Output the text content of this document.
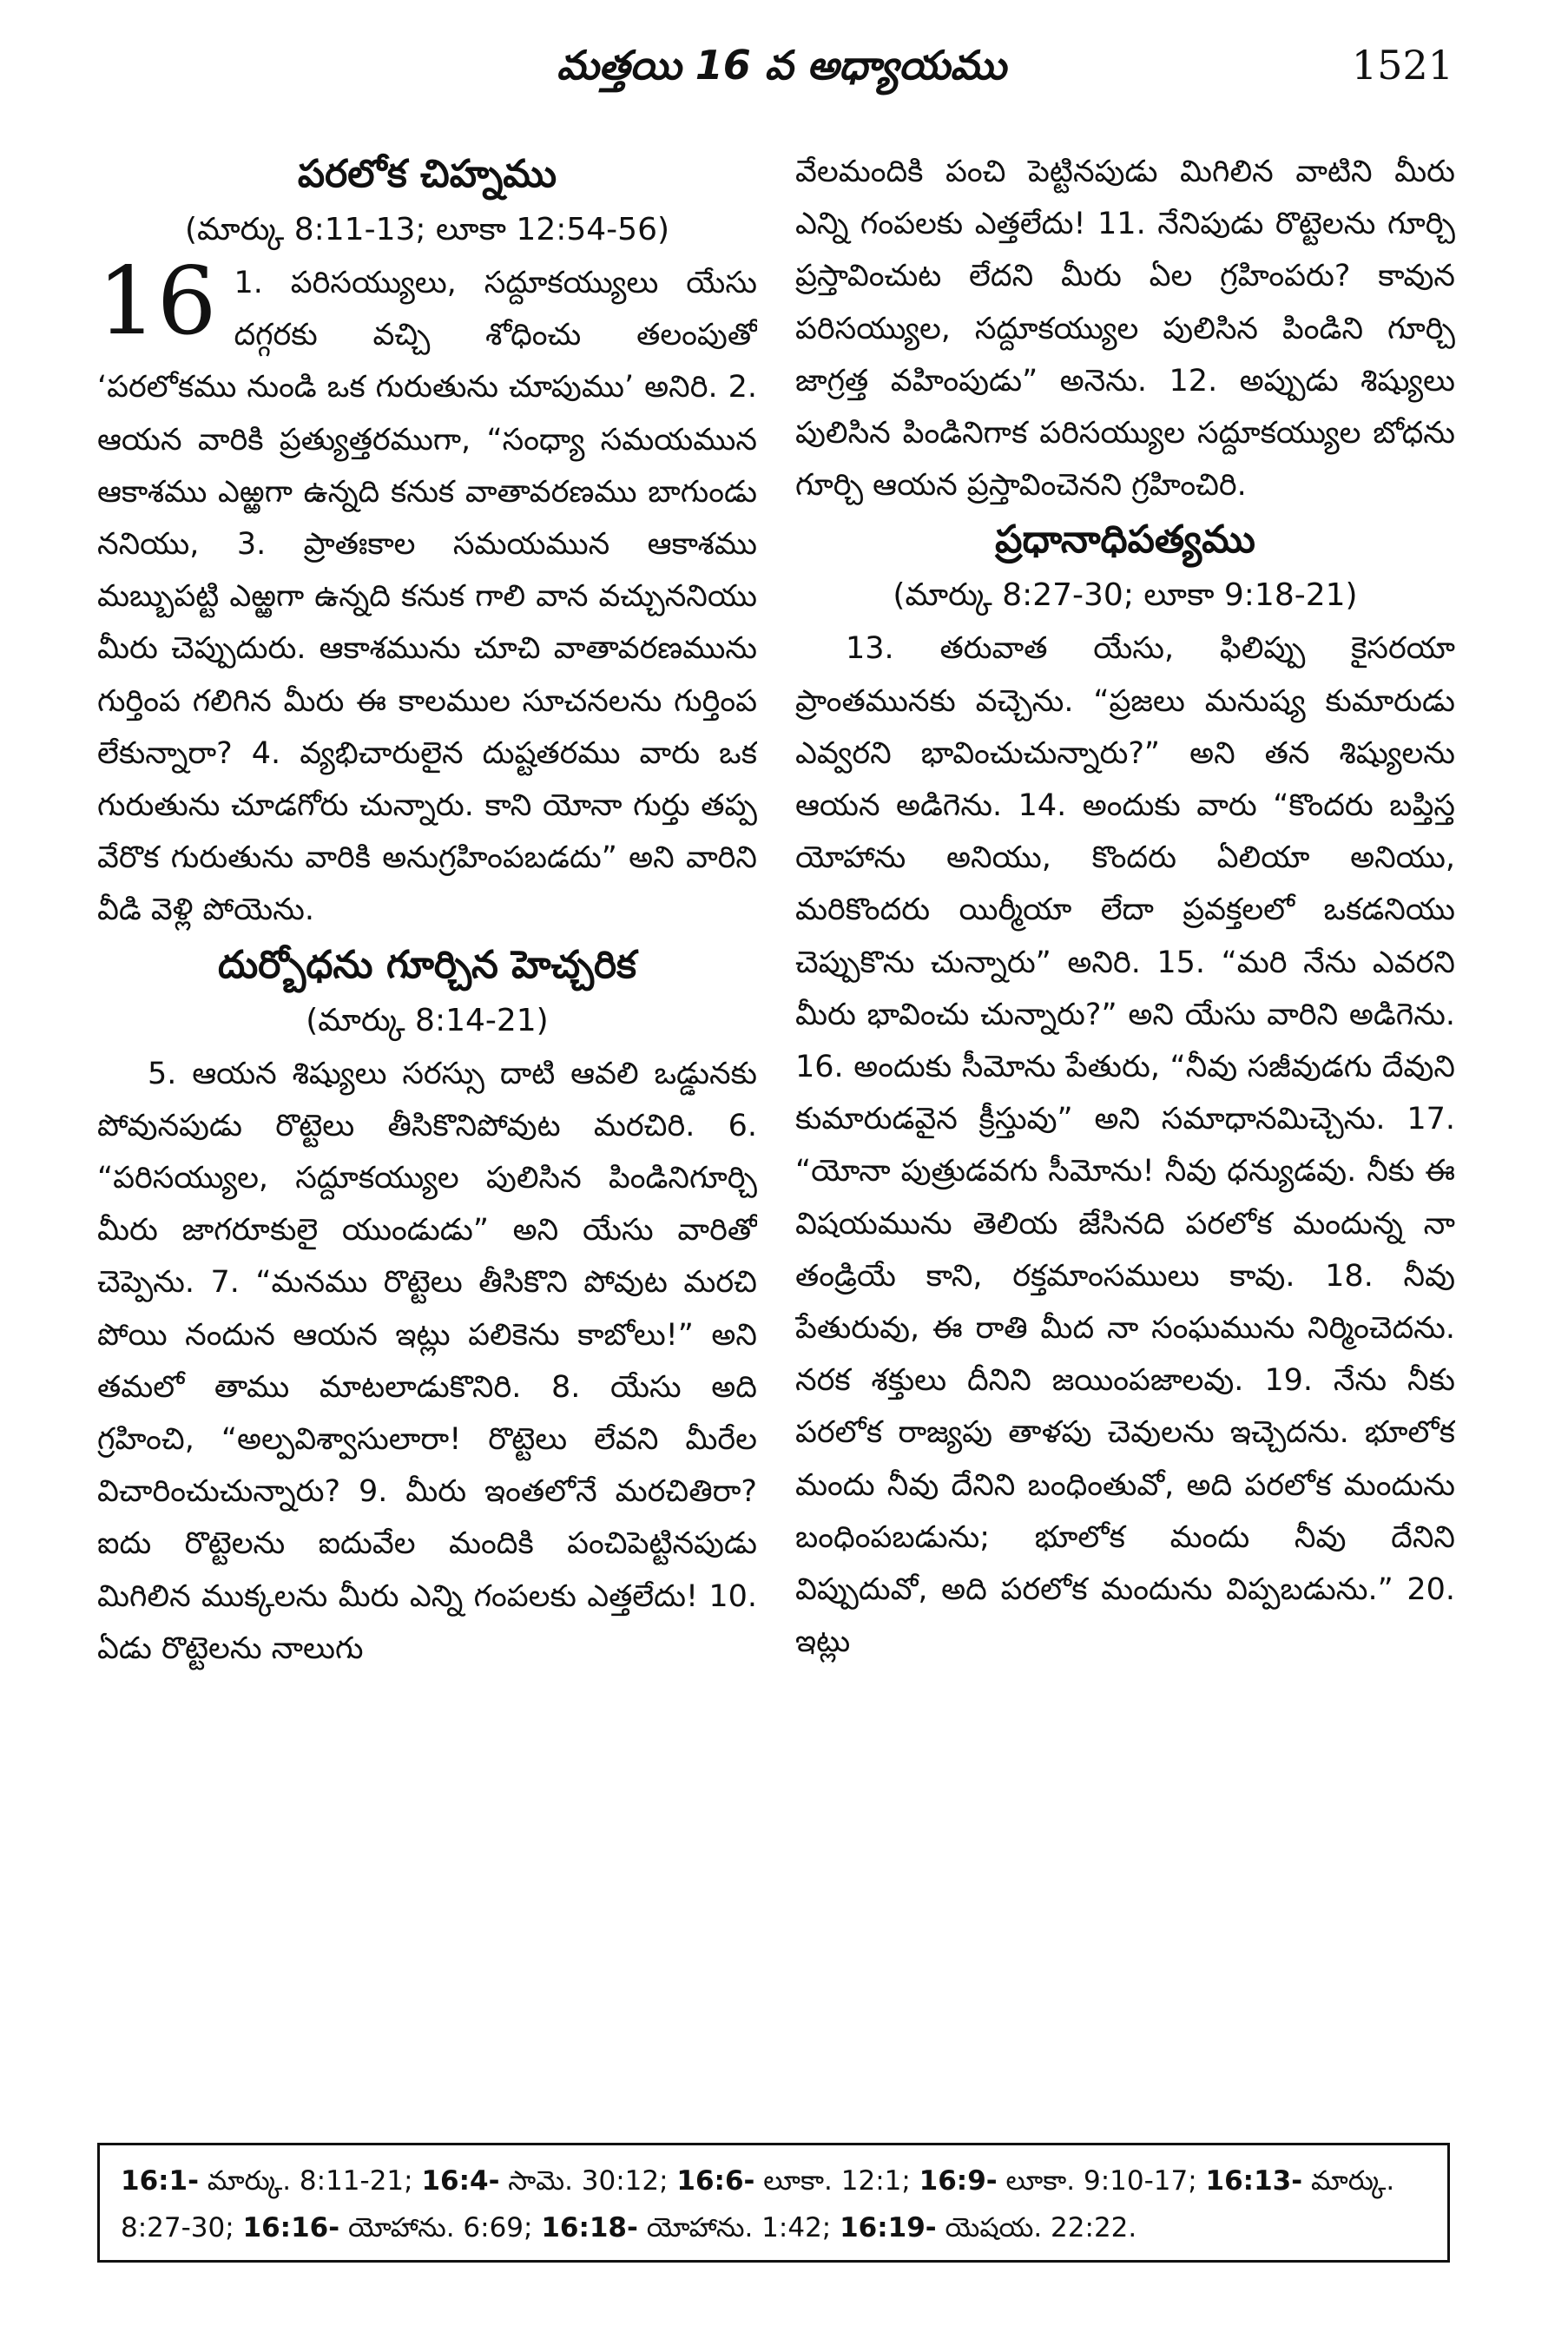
మత్తయి 16 వ అధ్యాయము	1521
పరలోక చిహ్నము
(మార్కు 8:11-13; లూకా 12:54-56)

16 1. పరిసయ్యులు, సద్దూకయ్యులు యేసు దగ్గరకు వచ్చి శోధించు తలంపుతో ‘పరలోకము నుండి ఒక గురుతును చూపుము’ అనిరి. 2. ఆయన వారికి ప్రత్యుత్తరముగా, “సంధ్యా సమయమున ఆకాశము ఎఱ్ఱగా ఉన్నది కనుక వాతావరణము బాగుండు ననియు, 3. ప్రాతఃకాల సమయమున ఆకాశము మబ్బుపట్టి ఎఱ్ఱగా ఉన్నది కనుక గాలి వాన వచ్చుననియు మీరు చెప్పుదురు. ఆకాశమును చూచి వాతావరణమును గుర్తింప గలిగిన మీరు ఈ కాలముల సూచనలను గుర్తింప లేకున్నారా? 4. వ్యభిచారులైన దుష్టతరము వారు ఒక గురుతును చూడగోరు చున్నారు. కాని యోనా గుర్తు తప్ప వేరొక గురుతును వారికి అనుగ్రహింపబడదు” అని వారిని వీడి వెళ్లి పోయెను.

దుర్బోధను గూర్చిన హెచ్చరిక
(మార్కు 8:14-21)

5. ఆయన శిష్యులు సరస్సు దాటి ఆవలి ఒడ్డునకు పోవునపుడు రొట్టెలు తీసికొనిపోవుట మరచిరి. 6. “పరిసయ్యుల, సద్దూకయ్యుల పులిసిన పిండినిగూర్చి మీరు జాగరూకులై యుండుడు” అని యేసు వారితో చెప్పెను. 7. “మనము రొట్టెలు తీసికొని పోవుట మరచి పోయి నందున ఆయన ఇట్లు పలికెను కాబోలు!” అని తమలో తాము మాటలాడుకొనిరి. 8. యేసు అది గ్రహించి, “అల్పవిశ్వాసులారా! రొట్టెలు లేవని మీరేల విచారించుచున్నారు? 9. మీరు ఇంతలోనే మరచితిరా? ఐదు రొట్టెలను ఐదువేల మందికి పంచిపెట్టినపుడు మిగిలిన ముక్కలను మీరు ఎన్ని గంపలకు ఎత్తలేదు! 10. ఏడు రొట్టెలను నాలుగు

వేలమందికి పంచి పెట్టినపుడు మిగిలిన వాటిని మీరు ఎన్ని గంపలకు ఎత్తలేదు! 11. నేనిపుడు రొట్టెలను గూర్చి ప్రస్తావించుట లేదని మీరు ఏల గ్రహింపరు? కావున పరిసయ్యుల, సద్దూకయ్యుల పులిసిన పిండిని గూర్చి జాగ్రత్త వహింపుడు” అనెను. 12. అప్పుడు శిష్యులు పులిసిన పిండినిగాక పరిసయ్యుల సద్దూకయ్యుల బోధను గూర్చి ఆయన ప్రస్తావించెనని గ్రహించిరి.

ప్రధానాధిపత్యము
(మార్కు 8:27-30; లూకా 9:18-21)

13. తరువాత యేసు, ఫిలిప్పు కైసరయా ప్రాంతమునకు వచ్చెను. “ప్రజలు మనుష్య కుమారుడు ఎవ్వరని భావించుచున్నారు?” అని తన శిష్యులను ఆయన అడిగెను. 14. అందుకు వారు “కొందరు బప్తిస్త యోహాను అనియు, కొందరు ఏలియా అనియు, మరికొందరు యిర్మీయా లేదా ప్రవక్తలలో ఒకడనియు చెప్పుకొను చున్నారు” అనిరి. 15. “మరి నేను ఎవరని మీరు భావించు చున్నారు?” అని యేసు వారిని అడిగెను. 16. అందుకు సీమోను పేతురు, “నీవు సజీవుడగు దేవుని కుమారుడవైన క్రీస్తువు” అని సమాధానమిచ్చెను. 17. “యోనా పుత్రుడవగు సీమోను! నీవు ధన్యుడవు. నీకు ఈ విషయమును తెలియ జేసినది పరలోక మందున్న నా తండ్రియే కాని, రక్తమాంసములు కావు. 18. నీవు పేతురువు, ఈ రాతి మీద నా సంఘమును నిర్మించెదను. నరక శక్తులు దీనిని జయింపజాలవు. 19. నేను నీకు పరలోక రాజ్యపు తాళపు చెవులను ఇచ్చెదను. భూలోక మందు నీవు దేనిని బంధింతువో, అది పరలోక మందును బంధింపబడును; భూలోక మందు నీవు దేనిని విప్పుదువో, అది పరలోక మందును విప్పబడును.” 20. ఇట్లు

16:1- మార్కు. 8:11-21; 16:4- సామె. 30:12; 16:6- లూకా. 12:1; 16:9- లూకా. 9:10-17; 16:13- మార్కు. 8:27-30; 16:16- యోహాను. 6:69; 16:18- యోహాను. 1:42; 16:19- యెషయ. 22:22.
